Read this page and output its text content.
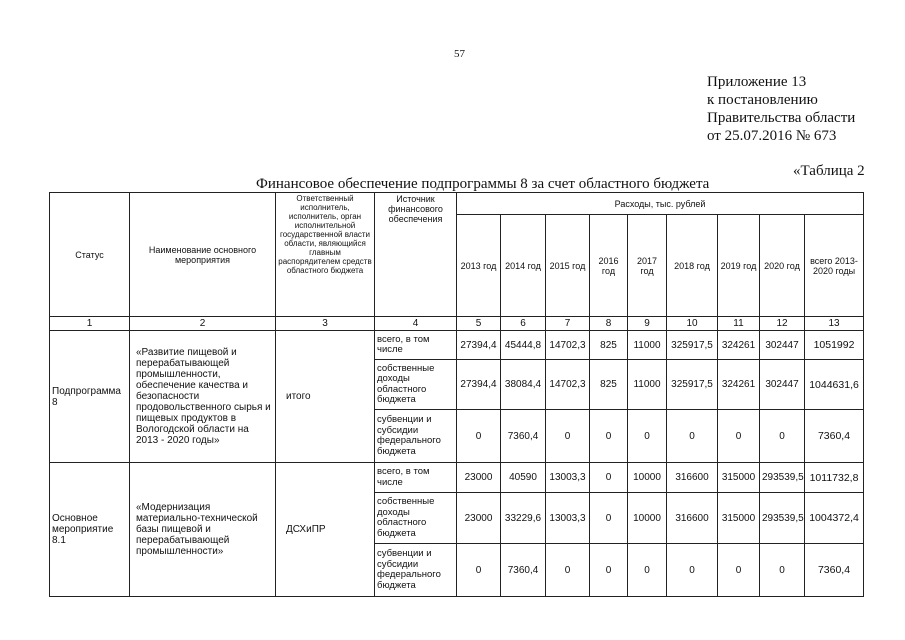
57
Приложение 13
к постановлению
Правительства области
от 25.07.2016 № 673
«Таблица 2
Финансовое обеспечение подпрограммы 8 за счет областного бюджета
Статус	Наименование основного мероприятия	Ответственный исполнитель, исполнитель, орган исполнительной государственной власти области, являющийся главным распорядителем средств областного бюджета	Источник финансового обеспечения	Расходы, тыс. рублей								
				2013 год	2014 год	2015 год	2016 год	2017 год	2018 год	2019 год	2020 год	всего 2013-2020 годы
1	2	3	4	5	6	7	8	9	10	11	12	13
Подпрограмма 8	«Развитие пищевой и перерабатывающей промышленности, обеспечение качества и безопасности продовольственного сырья и пищевых продуктов в Вологодской области на 2013 - 2020 годы»	итого	всего, в том числе	27394,4	45444,8	14702,3	825	11000	325917,5	324261	302447	1051992
			собственные доходы областного бюджета	27394,4	38084,4	14702,3	825	11000	325917,5	324261	302447	1044631,6
			субвенции и субсидии федерального бюджета	0	7360,4	0	0	0	0	0	0	7360,4
Основное мероприятие 8.1	«Модернизация материально-технической базы пищевой и перерабатывающей промышленности»	ДСХиПР	всего, в том числе	23000	40590	13003,3	0	10000	316600	315000	293539,5	1011732,8
			собственные доходы областного бюджета	23000	33229,6	13003,3	0	10000	316600	315000	293539,5	1004372,4
			субвенции и субсидии федерального бюджета	0	7360,4	0	0	0	0	0	0	7360,4
